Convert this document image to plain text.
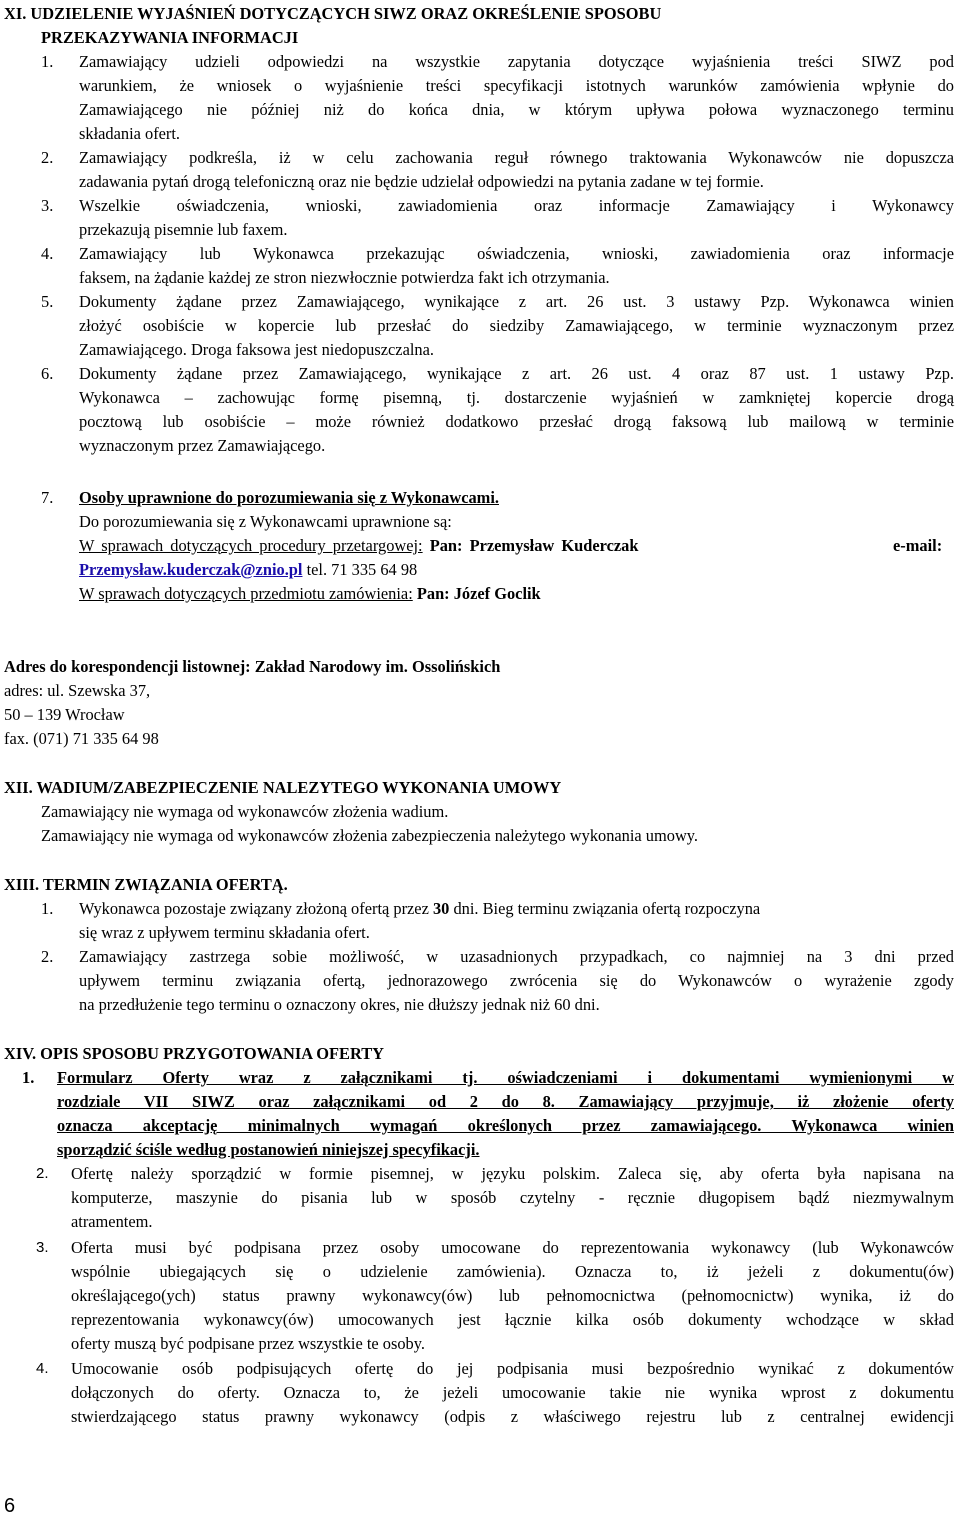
XI. UDZIELENIE WYJAŚNIEŃ DOTYCZĄCYCH SIWZ ORAZ OKREŚLENIE SPOSOBU
PRZEKAZYWANIA INFORMACJI
1. Zamawiający udzieli odpowiedzi na wszystkie zapytania dotyczące wyjaśnienia treści SIWZ pod
warunkiem, że wniosek o wyjaśnienie treści specyfikacji istotnych warunków zamówienia wpłynie do
Zamawiającego nie później niż do końca dnia, w którym upływa połowa wyznaczonego terminu
składania ofert.
2. Zamawiający podkreśla, iż w celu zachowania reguł równego traktowania Wykonawców nie dopuszcza
zadawania pytań drogą telefoniczną oraz nie będzie udzielał odpowiedzi na pytania zadane w tej formie.
3. Wszelkie oświadczenia, wnioski, zawiadomienia oraz informacje Zamawiający i Wykonawcy
przekazują pisemnie lub faxem.
4. Zamawiający lub Wykonawca przekazując oświadczenia, wnioski, zawiadomienia oraz informacje
faksem, na żądanie każdej ze stron niezwłocznie potwierdza fakt ich otrzymania.
5. Dokumenty żądane przez Zamawiającego, wynikające z art. 26 ust. 3 ustawy Pzp. Wykonawca winien
złożyć osobiście w kopercie lub przesłać do siedziby Zamawiającego, w terminie wyznaczonym przez
Zamawiającego. Droga faksowa jest niedopuszczalna.
6. Dokumenty żądane przez Zamawiającego, wynikające z art. 26 ust. 4 oraz 87 ust. 1 ustawy Pzp.
Wykonawca – zachowując formę pisemną, tj. dostarczenie wyjaśnień w zamkniętej kopercie drogą
pocztową lub osobiście – może również dodatkowo przesłać drogą faksową lub mailową w terminie
wyznaczonym przez Zamawiającego.
7. Osoby uprawnione do porozumiewania się z Wykonawcami.
Do porozumiewania się z Wykonawcami uprawnione są:
W sprawach dotyczących procedury przetargowej: Pan: Przemysław Kuderczak	e-mail:
Przemysław.kuderczak@znio.pl tel. 71 335 64 98
W sprawach dotyczących przedmiotu zamówienia: Pan: Józef Goclik
Adres do korespondencji listownej: Zakład Narodowy im. Ossolińskich
adres: ul. Szewska 37,
50 – 139 Wrocław
fax. (071) 71 335 64 98
XII. WADIUM/ZABEZPIECZENIE NALEZYTEGO WYKONANIA UMOWY
Zamawiający nie wymaga od wykonawców złożenia wadium.
Zamawiający nie wymaga od wykonawców złożenia zabezpieczenia należytego wykonania umowy.
XIII. TERMIN ZWIĄZANIA OFERTĄ.
1. Wykonawca pozostaje związany złożoną ofertą przez 30 dni. Bieg terminu związania ofertą rozpoczyna
się wraz z upływem terminu składania ofert.
2. Zamawiający zastrzega sobie możliwość, w uzasadnionych przypadkach, co najmniej na 3 dni przed
upływem terminu związania ofertą, jednorazowego zwrócenia się do Wykonawców o wyrażenie zgody
na przedłużenie tego terminu o oznaczony okres, nie dłuższy jednak niż 60 dni.
XIV. OPIS SPOSOBU PRZYGOTOWANIA OFERTY
1. Formularz Oferty wraz z załącznikami tj. oświadczeniami i dokumentami wymienionymi w
rozdziale VII SIWZ oraz załącznikami od 2 do 8. Zamawiający przyjmuje, iż złożenie oferty
oznacza akceptację minimalnych wymagań określonych przez zamawiającego. Wykonawca winien
sporządzić ściśle według postanowień niniejszej specyfikacji.
2. Ofertę należy sporządzić w formie pisemnej, w języku polskim. Zaleca się, aby oferta była napisana na
komputerze, maszynie do pisania lub w sposób czytelny - ręcznie długopisem bądź niezmywalnym
atramentem.
3. Oferta musi być podpisana przez osoby umocowane do reprezentowania wykonawcy (lub Wykonawców
wspólnie ubiegających się o udzielenie zamówienia). Oznacza to, iż jeżeli z dokumentu(ów)
określającego(ych) status prawny wykonawcy(ów) lub pełnomocnictwa (pełnomocnictw) wynika, iż do
reprezentowania wykonawcy(ów) umocowanych jest łącznie kilka osób dokumenty wchodzące w skład
oferty muszą być podpisane przez wszystkie te osoby.
4. Umocowanie osób podpisujących ofertę do jej podpisania musi bezpośrednio wynikać z dokumentów
dołączonych do oferty. Oznacza to, że jeżeli umocowanie takie nie wynika wprost z dokumentu
stwierdzającego status prawny wykonawcy (odpis z właściwego rejestru lub z centralnej ewidencji
6
